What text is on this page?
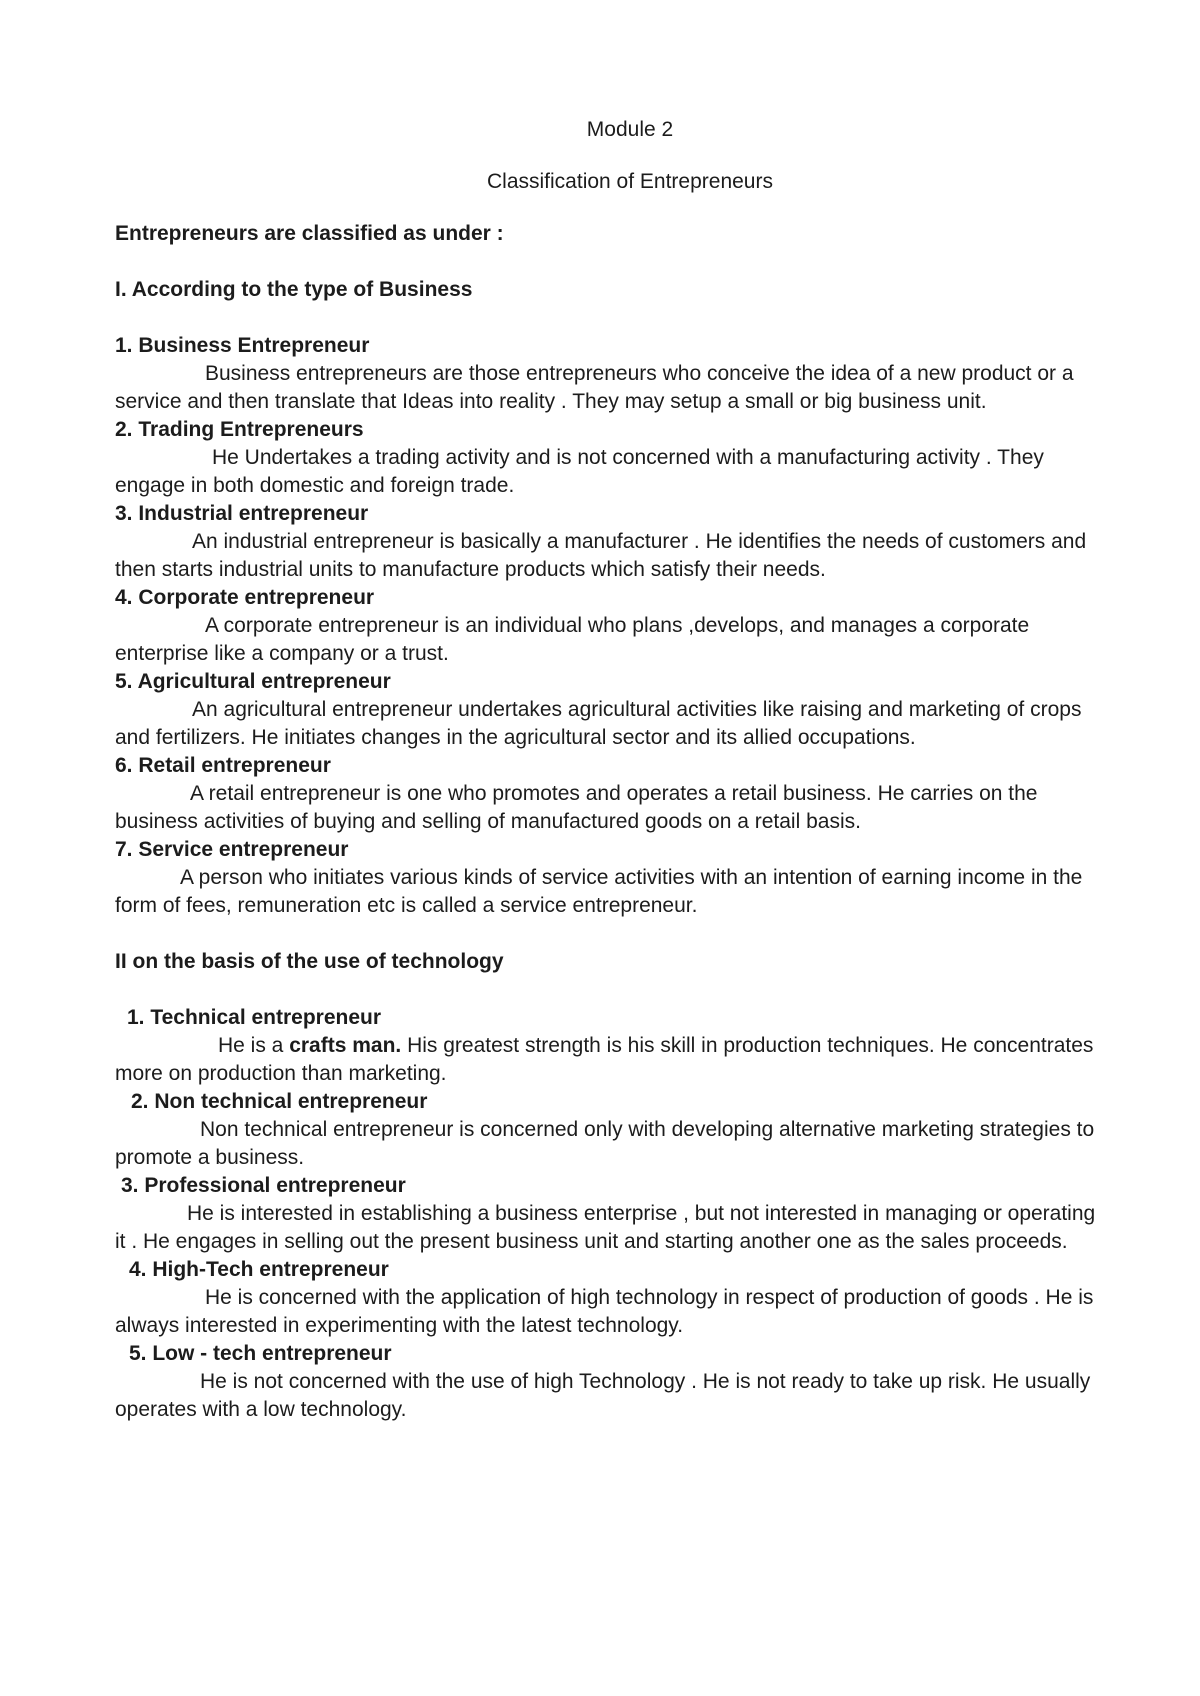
Module 2

Classification of Entrepreneurs

Entrepreneurs are classified as under :

I. According to the type of Business

1. Business Entrepreneur

Business entrepreneurs are those entrepreneurs who conceive the idea of a new product or a service and then translate that Ideas into reality . They may setup a small or big business unit.

2. Trading Entrepreneurs

He Undertakes a trading activity and is not concerned with a manufacturing activity . They engage in both domestic and foreign trade.

3. Industrial entrepreneur

An industrial entrepreneur is basically a manufacturer . He identifies the needs of customers and then starts industrial units to manufacture products which satisfy their needs.

4. Corporate entrepreneur

A corporate entrepreneur is an individual who plans ,develops, and manages a corporate enterprise like a company or a trust.

5. Agricultural entrepreneur

An agricultural entrepreneur undertakes agricultural activities like raising and marketing of crops and fertilizers. He initiates changes in the agricultural sector and its allied occupations.

6. Retail entrepreneur

A retail entrepreneur is one who promotes and operates a retail business. He carries on the business activities of buying and selling of manufactured goods on a retail basis.

7. Service entrepreneur

A person who initiates various kinds of service activities with an intention of earning income in the form of fees, remuneration etc is called a service entrepreneur.

II on the basis of the use of technology

1. Technical entrepreneur

He is a crafts man. His greatest strength is his skill in production techniques. He concentrates more on production than marketing.

2. Non technical entrepreneur

Non technical entrepreneur is concerned only with developing alternative marketing strategies to promote a business.

3. Professional entrepreneur

He is interested in establishing a business enterprise , but not interested in managing or operating it . He engages in selling out the present business unit and starting another one as the sales proceeds.

4. High-Tech entrepreneur

He is concerned with the application of high technology in respect of production of goods . He is always interested in experimenting with the latest technology.

5. Low - tech entrepreneur

He is not concerned with the use of high Technology . He is not ready to take up risk. He usually operates with a low technology.
